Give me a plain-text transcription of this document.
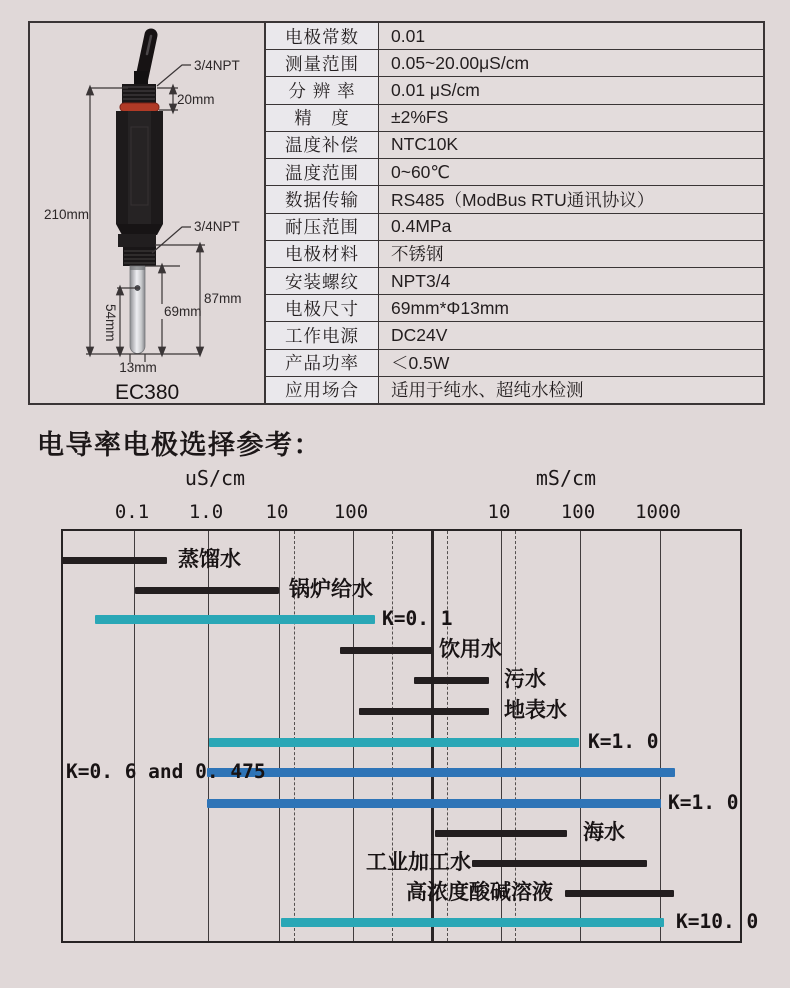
3/4NPT
20mm
210mm
3/4NPT
87mm
69mm
54mm
13mm
EC380
电极常数	0.01
测量范围	0.05~20.00μS/cm
分 辨 率	0.01 μS/cm
精　度	±2%FS
温度补偿	NTC10K
温度范围	0~60℃
数据传输	RS485（ModBus RTU通讯协议）
耐压范围	0.4MPa
电极材料	不锈钢
安装螺纹	NPT3/4
电极尺寸	69mm*Φ13mm
工作电源	DC24V
产品功率	＜0.5W
应用场合	适用于纯水、超纯水检测
电导率电极选择参考：
uS/cm	mS/cm
0.1	1.0	10	100	10	100	1000
蒸馏水
锅炉给水
K=0. 1
饮用水
污水
地表水
K=1. 0
K=0. 6 and 0. 475
K=1. 0
海水
工业加工水
高浓度酸碱溶液
K=10. 0
